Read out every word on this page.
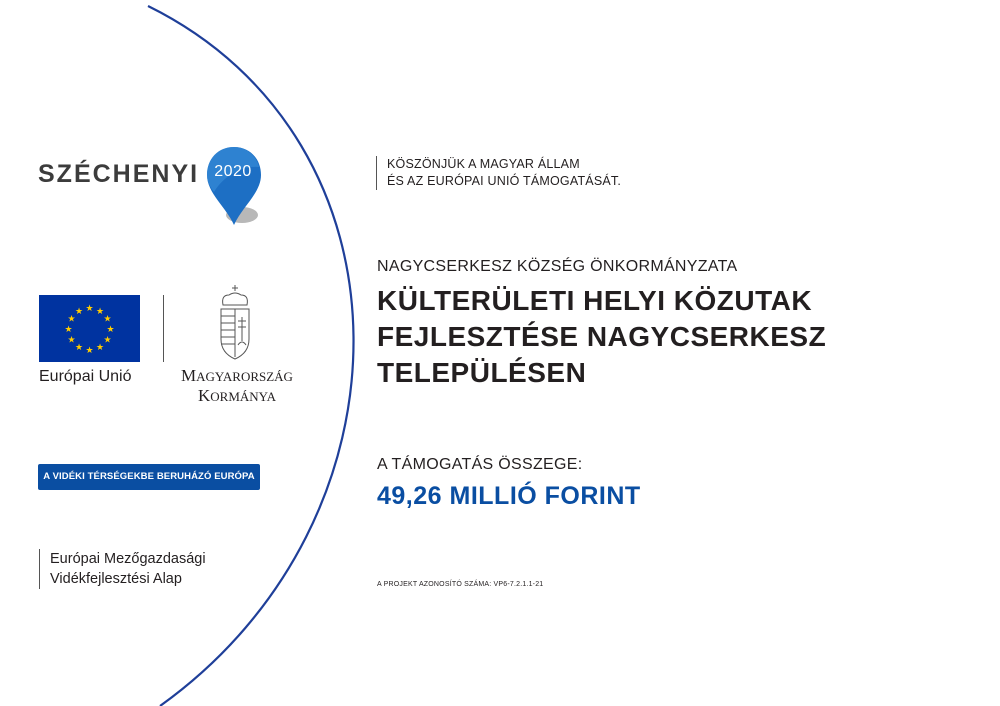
SZÉCHENYI 2020
★ ★
★
★
★
★
★
★
★
★
★
★
Európai Unió	MAGYARORSZÁG
KORMÁNYA
A VIDÉKI TÉRSÉGEKBE BERUHÁZÓ EURÓPA
Európai Mezőgazdasági
Vidékfejlesztési Alap
KÖSZÖNJÜK A MAGYAR ÁLLAM
ÉS AZ EURÓPAI UNIÓ TÁMOGATÁSÁT.
NAGYCSERKESZ KÖZSÉG ÖNKORMÁNYZATA
KÜLTERÜLETI HELYI KÖZUTAK
FEJLESZTÉSE NAGYCSERKESZ
TELEPÜLÉSEN
A TÁMOGATÁS ÖSSZEGE:
49,26 MILLIÓ FORINT
A PROJEKT AZONOSÍTÓ SZÁMA: VP6-7.2.1.1-21
